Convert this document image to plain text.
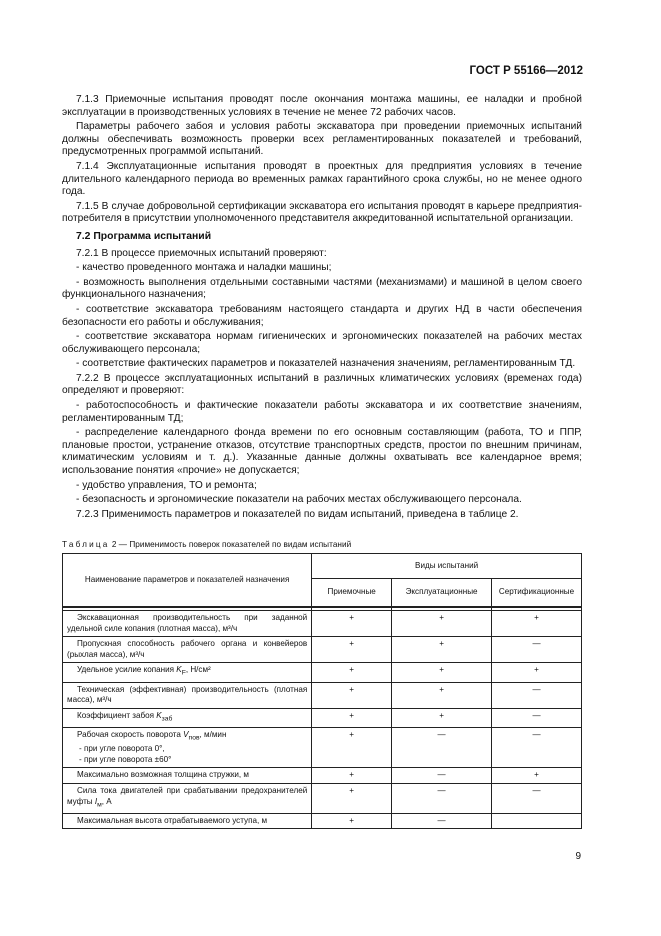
ГОСТ Р 55166—2012

7.1.3 Приемочные испытания проводят после окончания монтажа машины, ее наладки и пробной эксплуатации в производственных условиях в течение не менее 72 рабочих часов.

Параметры рабочего забоя и условия работы экскаватора при проведении приемочных испытаний должны обеспечивать возможность проверки всех регламентированных показателей и требований, предусмотренных программой испытаний.

7.1.4 Эксплуатационные испытания проводят в проектных для предприятия условиях в течение длительного календарного периода во временных рамках гарантийного срока службы, но не менее одного года.

7.1.5 В случае добровольной сертификации экскаватора его испытания проводят в карьере предприятия-потребителя в присутствии уполномоченного представителя аккредитованной испытательной организации.

7.2 Программа испытаний

7.2.1 В процессе приемочных испытаний проверяют:

- качество проведенного монтажа и наладки машины;

- возможность выполнения отдельными составными частями (механизмами) и машиной в целом своего функционального назначения;

- соответствие экскаватора требованиям настоящего стандарта и других НД в части обеспечения безопасности его работы и обслуживания;

- соответствие экскаватора нормам гигиенических и эргономических показателей на рабочих местах обслуживающего персонала;

- соответствие фактических параметров и показателей назначения значениям, регламентированным ТД.

7.2.2 В процессе эксплуатационных испытаний в различных климатических условиях (временах года) определяют и проверяют:

- работоспособность и фактические показатели работы экскаватора и их соответствие значениям, регламентированным ТД;

- распределение календарного фонда времени по его основным составляющим (работа, ТО и ППР, плановые простои, устранение отказов, отсутствие транспортных средств, простои по внешним причинам, климатическим условиям и т. д.). Указанные данные должны охватывать все календарное время; использование понятия «прочие» не допускается;

- удобство управления, ТО и ремонта;

- безопасность и эргономические показатели на рабочих местах обслуживающего персонала.

7.2.3 Применимость параметров и показателей по видам испытаний, приведена в таблице 2.

Таблица 2 — Применимость поверок показателей по видам испытаний
Наименование параметров и показателей назначения	Виды испытаний		
	Приемочные	Эксплуатационные	Сертификационные

Экскавационная производительность при заданной удельной силе копания (плотная масса), м³/ч	+	+	+
Пропускная способность рабочего органа и конвейеров (рыхлая масса), м³/ч	+	+	—
Удельное усилие копания $K_F$, Н/см²	+	+	+
Техническая (эффективная) производительность (плотная масса), м³/ч	+	+	—
Коэффициент забоя $K_{заб}$	+	+	—
Рабочая скорость поворота $V_{пов}$, м/мин
- при угле поворота 0°,
- при угле поворота ±60°	+	—	—
Максимально возможная толщина стружки, м	+	—	+
Сила тока двигателей при срабатывании предохранителей муфты $I_м$, А	+	—	—
Максимальная высота отрабатываемого уступа, м	+	—	
9
